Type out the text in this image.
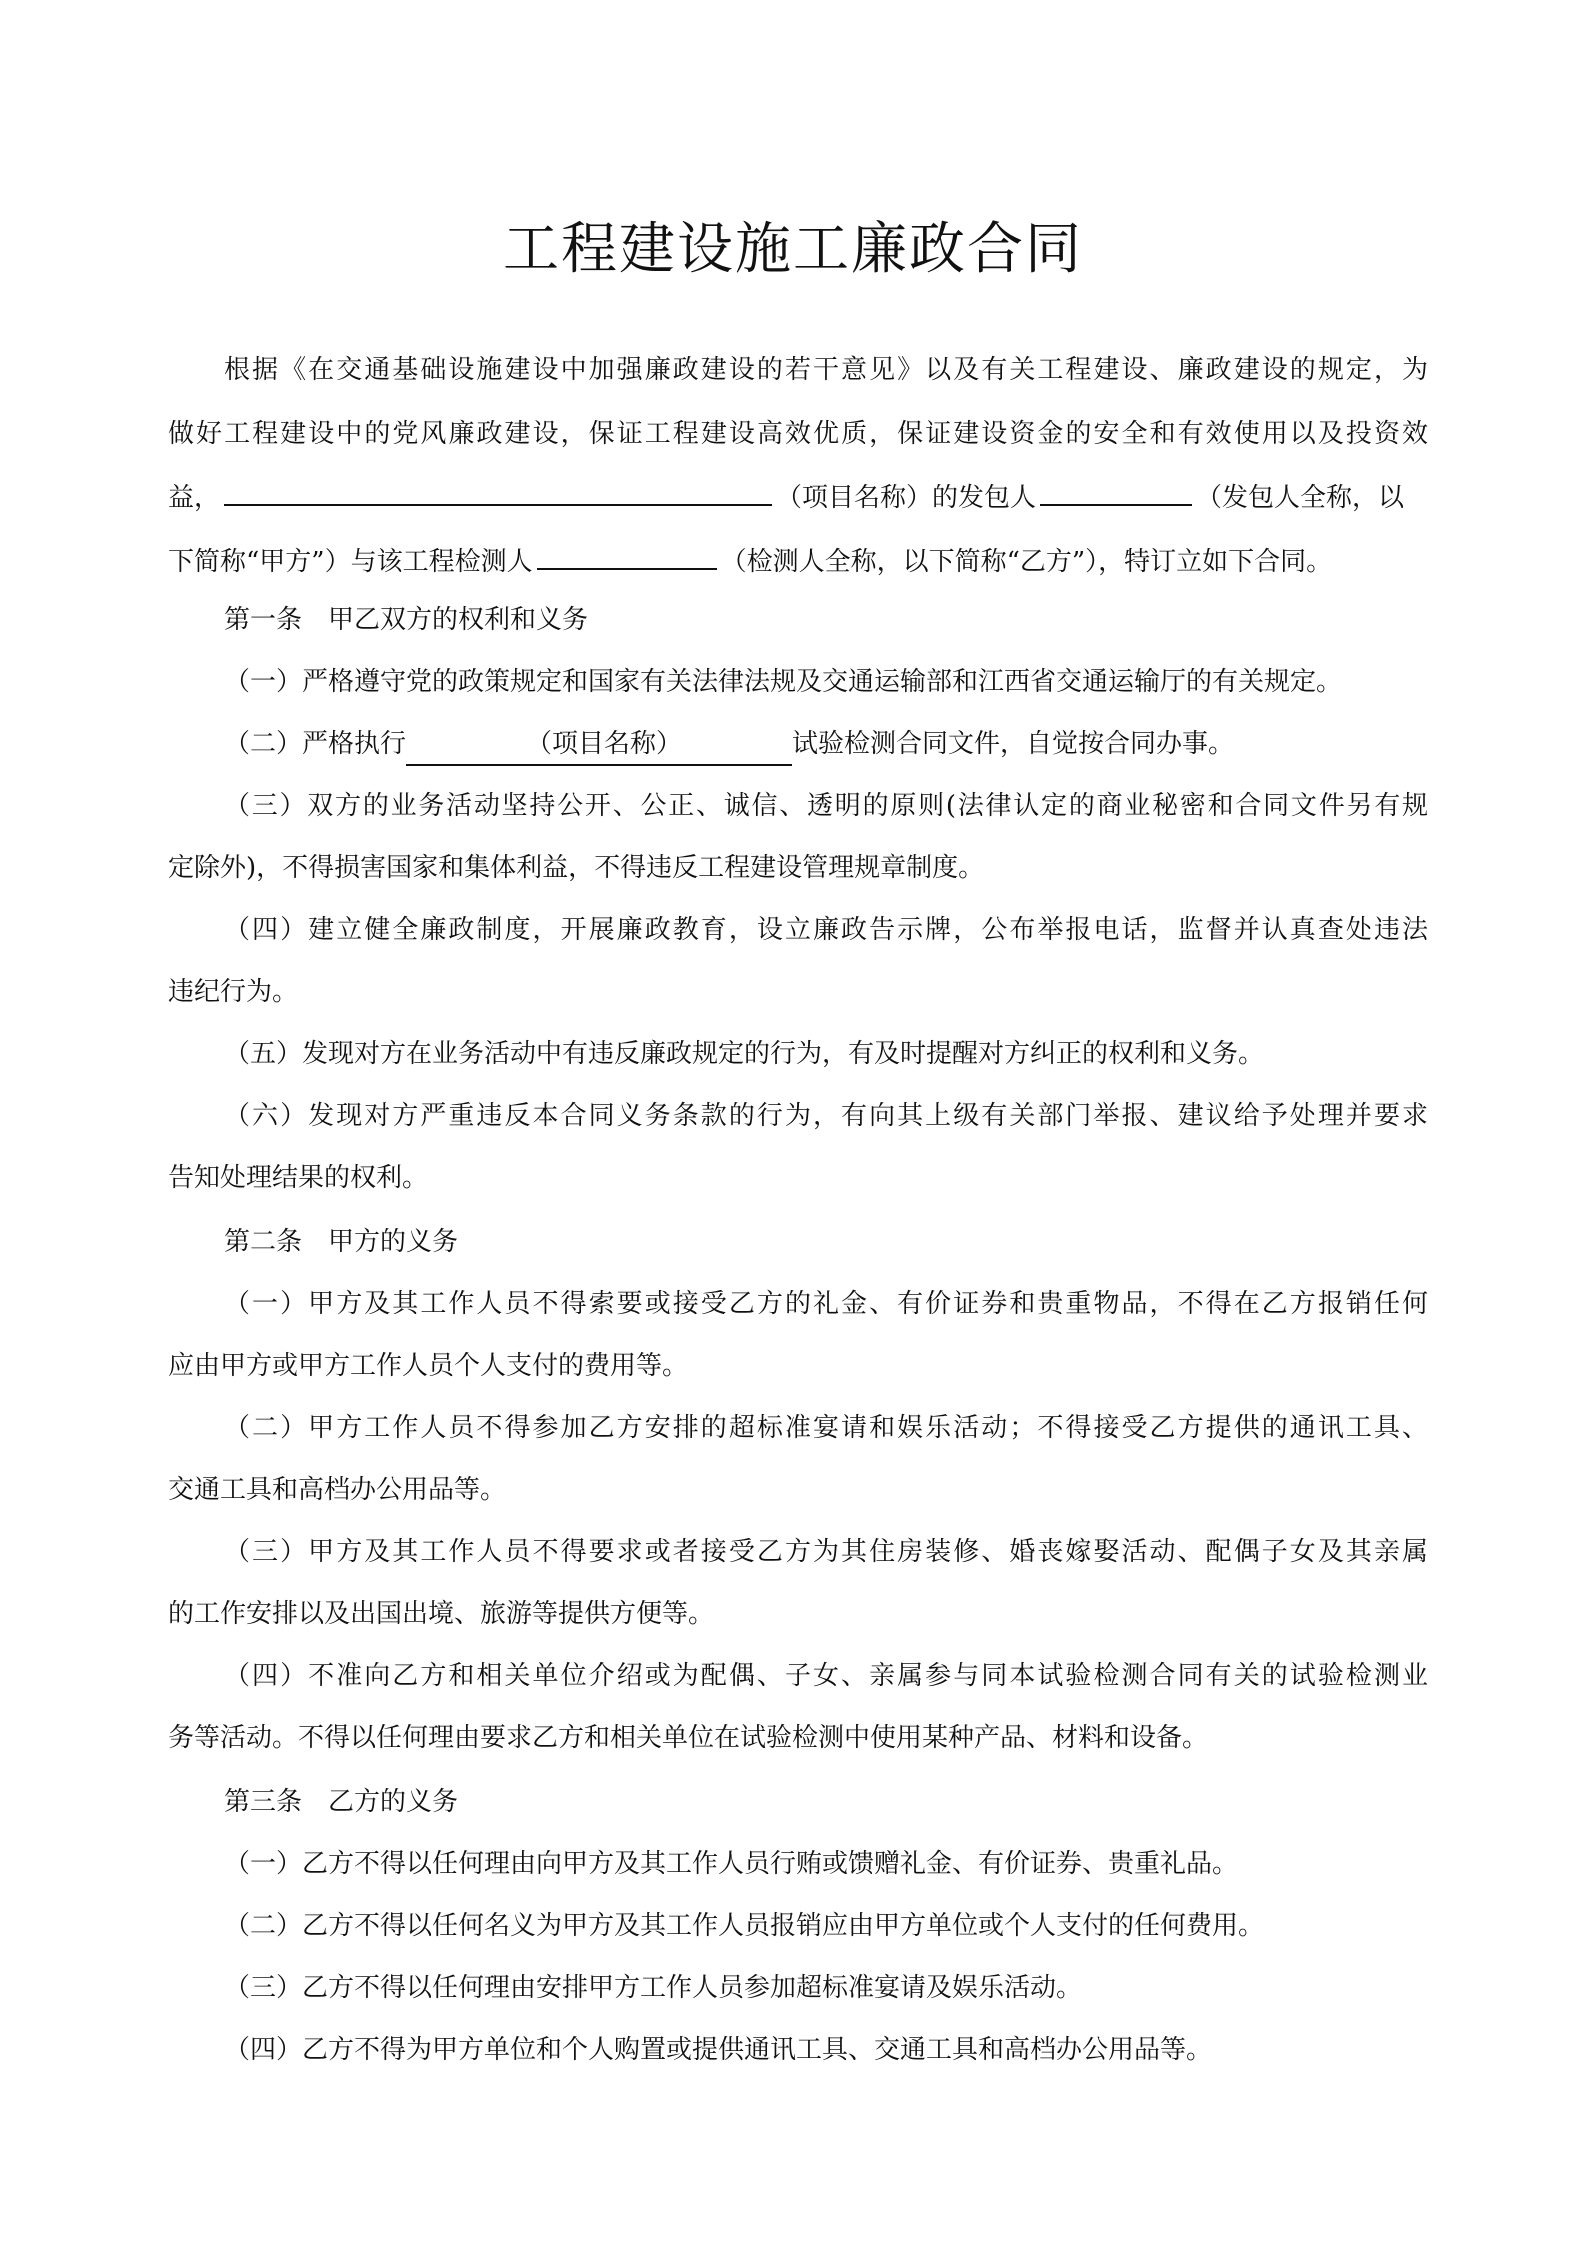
工程建设施工廉政合同
根据《在交通基础设施建设中加强廉政建设的若干意见》以及有关工程建设、廉政建设的规定，为
做好工程建设中的党风廉政建设，保证工程建设高效优质，保证建设资金的安全和有效使用以及投资效
益，	（项目名称）的发包人	（发包人全称，以
下简称“甲方”）与该工程检测人	（检测人全称，以下简称“乙方”），特订立如下合同。
第一条　甲乙双方的权利和义务
（一）严格遵守党的政策规定和国家有关法律法规及交通运输部和江西省交通运输厅的有关规定。
（二）严格执行	（项目名称）	试验检测合同文件，自觉按合同办事。
（三）双方的业务活动坚持公开、公正、诚信、透明的原则(法律认定的商业秘密和合同文件另有规
定除外)，不得损害国家和集体利益，不得违反工程建设管理规章制度。
（四）建立健全廉政制度，开展廉政教育，设立廉政告示牌，公布举报电话，监督并认真查处违法
违纪行为。
（五）发现对方在业务活动中有违反廉政规定的行为，有及时提醒对方纠正的权利和义务。
（六）发现对方严重违反本合同义务条款的行为，有向其上级有关部门举报、建议给予处理并要求
告知处理结果的权利。
第二条　甲方的义务
（一）甲方及其工作人员不得索要或接受乙方的礼金、有价证券和贵重物品，不得在乙方报销任何
应由甲方或甲方工作人员个人支付的费用等。
（二）甲方工作人员不得参加乙方安排的超标准宴请和娱乐活动；不得接受乙方提供的通讯工具、
交通工具和高档办公用品等。
（三）甲方及其工作人员不得要求或者接受乙方为其住房装修、婚丧嫁娶活动、配偶子女及其亲属
的工作安排以及出国出境、旅游等提供方便等。
（四）不准向乙方和相关单位介绍或为配偶、子女、亲属参与同本试验检测合同有关的试验检测业
务等活动。不得以任何理由要求乙方和相关单位在试验检测中使用某种产品、材料和设备。
第三条　乙方的义务
（一）乙方不得以任何理由向甲方及其工作人员行贿或馈赠礼金、有价证券、贵重礼品。
（二）乙方不得以任何名义为甲方及其工作人员报销应由甲方单位或个人支付的任何费用。
（三）乙方不得以任何理由安排甲方工作人员参加超标准宴请及娱乐活动。
（四）乙方不得为甲方单位和个人购置或提供通讯工具、交通工具和高档办公用品等。
